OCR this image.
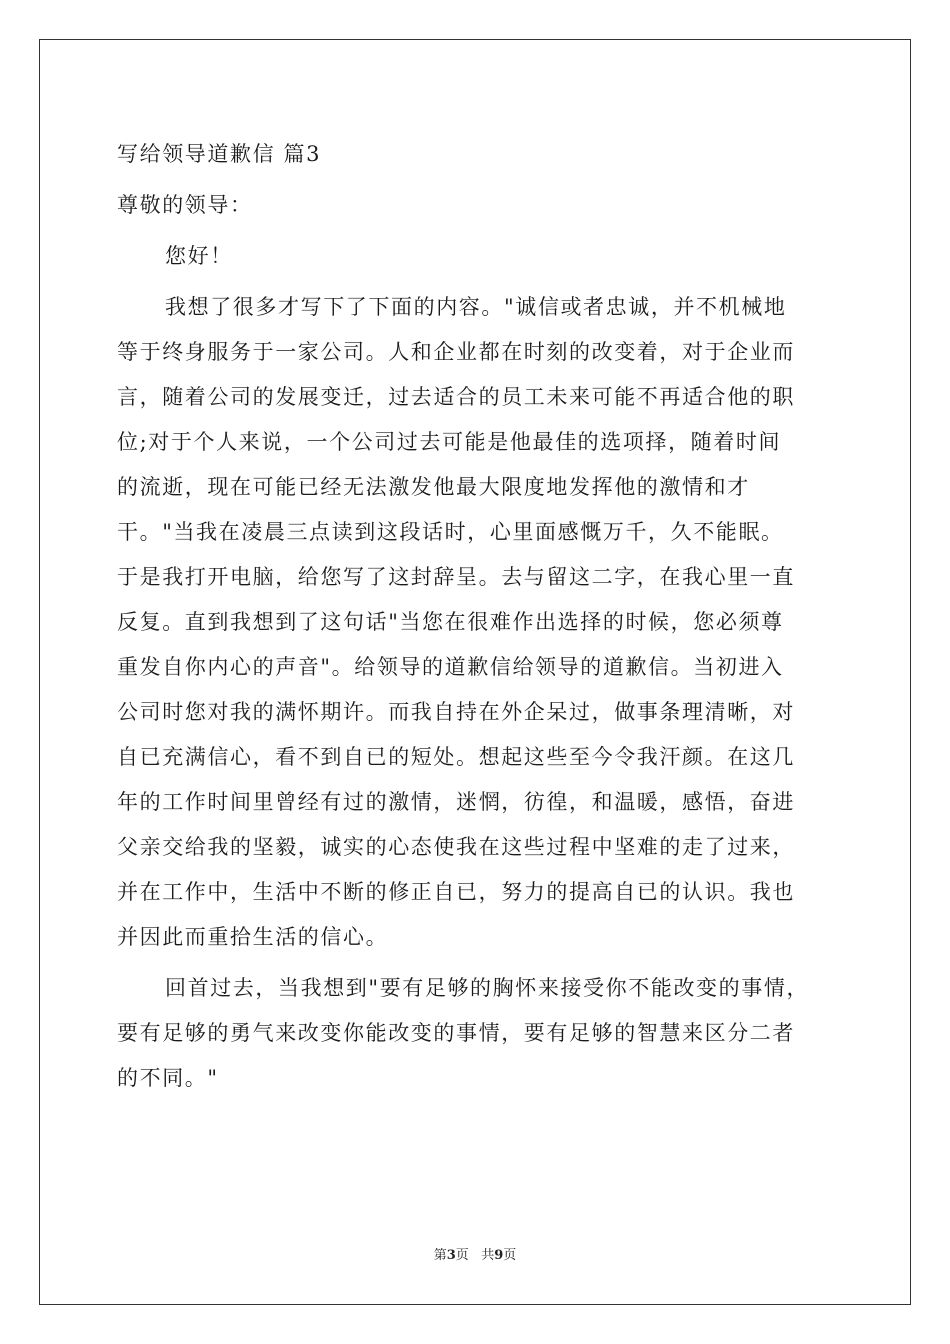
写给领导道歉信 篇3
尊敬的领导：
您好！
我想了很多才写下了下面的内容。"诚信或者忠诚，并不机械地
等于终身服务于一家公司。人和企业都在时刻的改变着，对于企业而
言，随着公司的发展变迁，过去适合的员工未来可能不再适合他的职
位;对于个人来说，一个公司过去可能是他最佳的选项择，随着时间
的流逝，现在可能已经无法激发他最大限度地发挥他的激情和才
干。"当我在凌晨三点读到这段话时，心里面感慨万千，久不能眠。
于是我打开电脑，给您写了这封辞呈。去与留这二字，在我心里一直
反复。直到我想到了这句话"当您在很难作出选择的时候，您必须尊
重发自你内心的声音"。给领导的道歉信给领导的道歉信。当初进入
公司时您对我的满怀期许。而我自持在外企呆过，做事条理清晰，对
自已充满信心，看不到自已的短处。想起这些至今令我汗颜。在这几
年的工作时间里曾经有过的激情，迷惘，彷徨，和温暖，感悟，奋进
父亲交给我的坚毅，诚实的心态使我在这些过程中坚难的走了过来，
并在工作中，生活中不断的修正自已，努力的提高自已的认识。我也
并因此而重拾生活的信心。
回首过去，当我想到"要有足够的胸怀来接受你不能改变的事情，
要有足够的勇气来改变你能改变的事情，要有足够的智慧来区分二者
的不同。"
第3页 共9页
